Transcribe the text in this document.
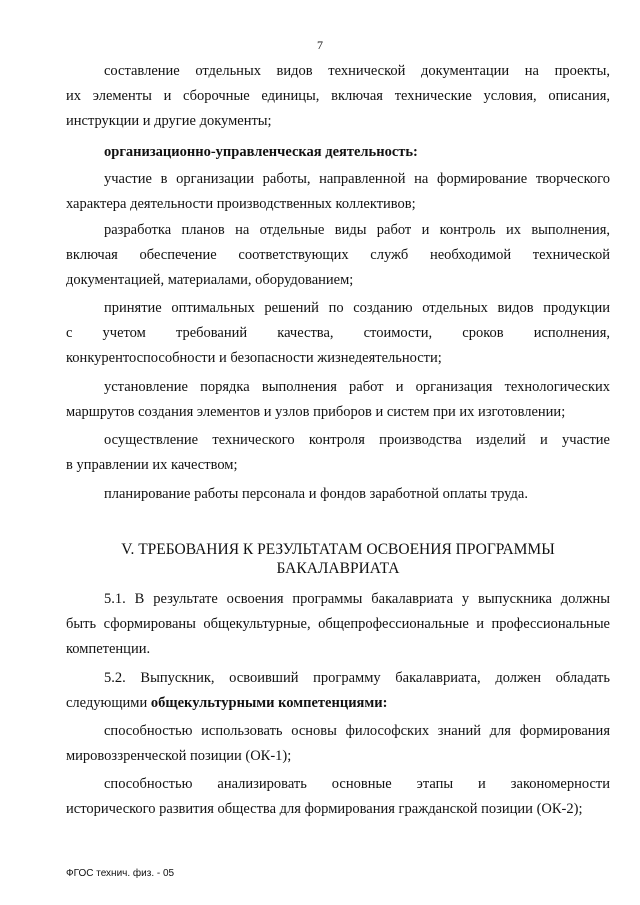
7
составление отдельных видов технической документации на проекты,
их элементы и сборочные единицы, включая технические условия, описания, инструкции и другие документы;
организационно-управленческая деятельность:
участие в организации работы, направленной на формирование творческого
характера деятельности производственных коллективов;
разработка планов на отдельные виды работ и контроль их выполнения,
включая обеспечение соответствующих служб необходимой технической
документацией, материалами, оборудованием;
принятие оптимальных решений по созданию отдельных видов продукции
с учетом требований качества, стоимости, сроков исполнения,
конкурентоспособности и безопасности жизнедеятельности;
установление порядка выполнения работ и организация технологических
маршрутов создания элементов и узлов приборов и систем при их изготовлении;
осуществление технического контроля производства изделий и участие
в управлении их качеством;
планирование работы персонала и фондов заработной оплаты труда.
V. ТРЕБОВАНИЯ К РЕЗУЛЬТАТАМ ОСВОЕНИЯ ПРОГРАММЫ
БАКАЛАВРИАТА
5.1. В результате освоения программы бакалавриата у выпускника должны
быть сформированы общекультурные, общепрофессиональные и профессиональные
компетенции.
5.2. Выпускник, освоивший программу бакалавриата, должен обладать
следующими общекультурными компетенциями:
способностью использовать основы философских знаний для формирования
мировоззренческой позиции (ОК-1);
способностью анализировать основные этапы и закономерности
исторического развития общества для формирования гражданской позиции (ОК-2);
ФГОС технич. физ. - 05
